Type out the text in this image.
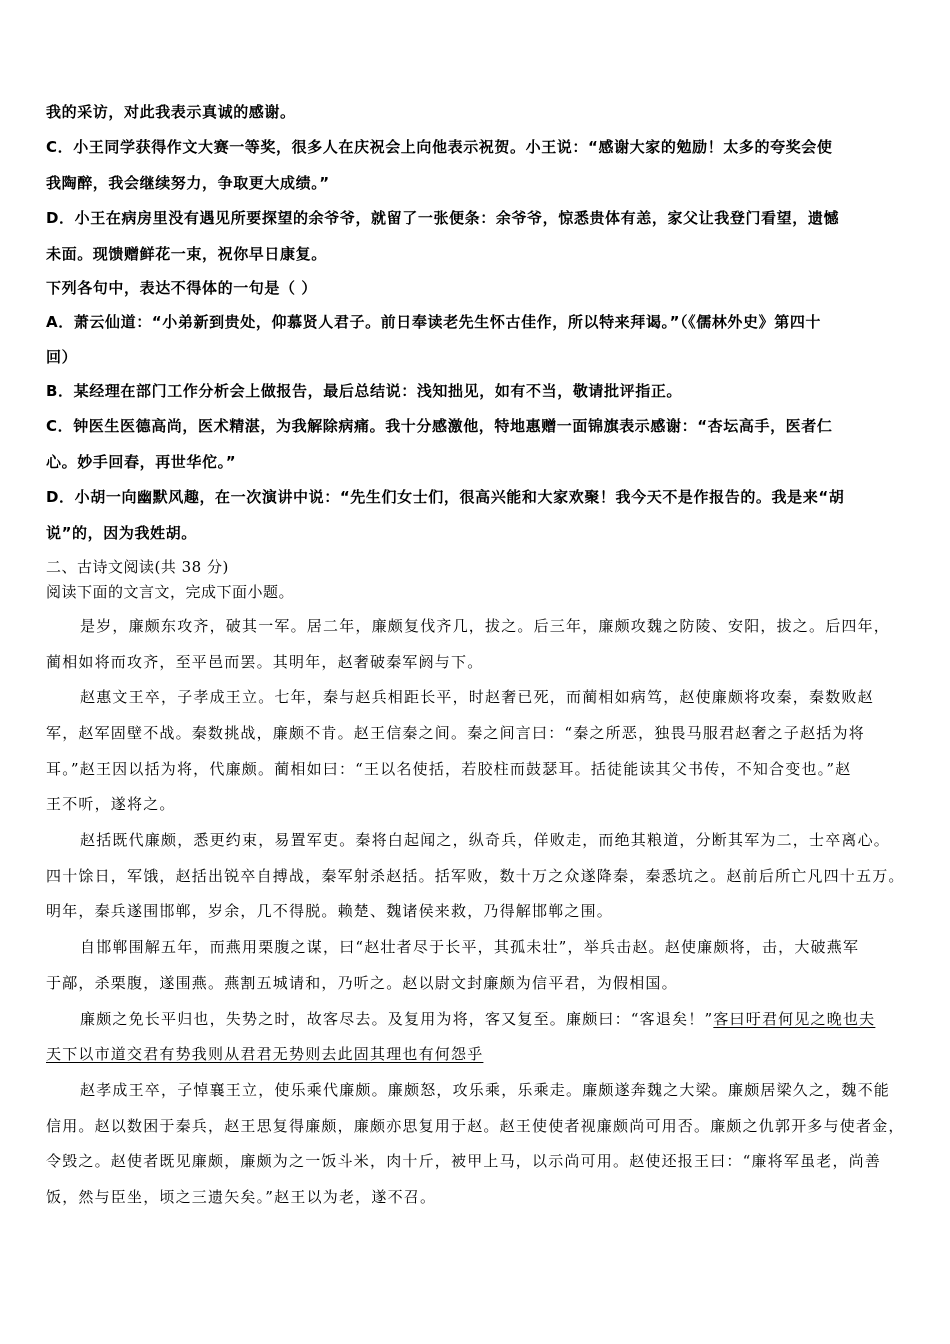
我的采访，对此我表示真诚的感谢。
C．小王同学获得作文大赛一等奖，很多人在庆祝会上向他表示祝贺。小王说：“感谢大家的勉励！太多的夸奖会使
我陶醉，我会继续努力，争取更大成绩。”
D．小王在病房里没有遇见所要探望的余爷爷，就留了一张便条：余爷爷，惊悉贵体有恙，家父让我登门看望，遗憾
未面。现馈赠鲜花一束，祝你早日康复。
下列各句中，表达不得体的一句是（ ）
A．萧云仙道：“小弟新到贵处，仰慕贤人君子。前日奉读老先生怀古佳作，所以特来拜谒。”（《儒林外史》第四十
回）
B．某经理在部门工作分析会上做报告，最后总结说：浅知拙见，如有不当，敬请批评指正。
C．钟医生医德高尚，医术精湛，为我解除病痛。我十分感激他，特地惠赠一面锦旗表示感谢：“杏坛高手，医者仁
心。妙手回春，再世华佗。”
D．小胡一向幽默风趣，在一次演讲中说：“先生们女士们，很高兴能和大家欢聚！我今天不是作报告的。我是来“胡
说”的，因为我姓胡。
二、古诗文阅读(共 38 分)
阅读下面的文言文，完成下面小题。
是岁，廉颇东攻齐，破其一军。居二年，廉颇复伐齐几，拔之。后三年，廉颇攻魏之防陵、安阳，拔之。后四年，
蔺相如将而攻齐，至平邑而罢。其明年，赵奢破秦军阏与下。
赵惠文王卒，子孝成王立。七年，秦与赵兵相距长平，时赵奢已死，而蔺相如病笃，赵使廉颇将攻秦，秦数败赵
军，赵军固壁不战。秦数挑战，廉颇不肯。赵王信秦之间。秦之间言曰：“秦之所恶，独畏马服君赵奢之子赵括为将
耳。”赵王因以括为将，代廉颇。蔺相如曰：“王以名使括，若胶柱而鼓瑟耳。括徒能读其父书传，不知合变也。”赵
王不听，遂将之。
赵括既代廉颇，悉更约束，易置军吏。秦将白起闻之，纵奇兵，佯败走，而绝其粮道，分断其军为二，士卒离心。
四十馀日，军饿，赵括出锐卒自搏战，秦军射杀赵括。括军败，数十万之众遂降秦，秦悉坑之。赵前后所亡凡四十五万。
明年，秦兵遂围邯郸，岁余，几不得脱。赖楚、魏诸侯来救，乃得解邯郸之围。
自邯郸围解五年，而燕用栗腹之谋，曰“赵壮者尽于长平，其孤未壮”，举兵击赵。赵使廉颇将，击，大破燕军
于鄗，杀栗腹，遂围燕。燕割五城请和，乃听之。赵以尉文封廉颇为信平君，为假相国。
廉颇之免长平归也，失势之时，故客尽去。及复用为将，客又复至。廉颇曰：“客退矣！”客曰吁君何见之晚也夫
天下以市道交君有势我则从君君无势则去此固其理也有何怨乎
赵孝成王卒，子悼襄王立，使乐乘代廉颇。廉颇怒，攻乐乘，乐乘走。廉颇遂奔魏之大梁。廉颇居梁久之，魏不能
信用。赵以数困于秦兵，赵王思复得廉颇，廉颇亦思复用于赵。赵王使使者视廉颇尚可用否。廉颇之仇郭开多与使者金，
令毁之。赵使者既见廉颇，廉颇为之一饭斗米，肉十斤，被甲上马，以示尚可用。赵使还报王曰：“廉将军虽老，尚善
饭，然与臣坐，顷之三遗矢矣。”赵王以为老，遂不召。
